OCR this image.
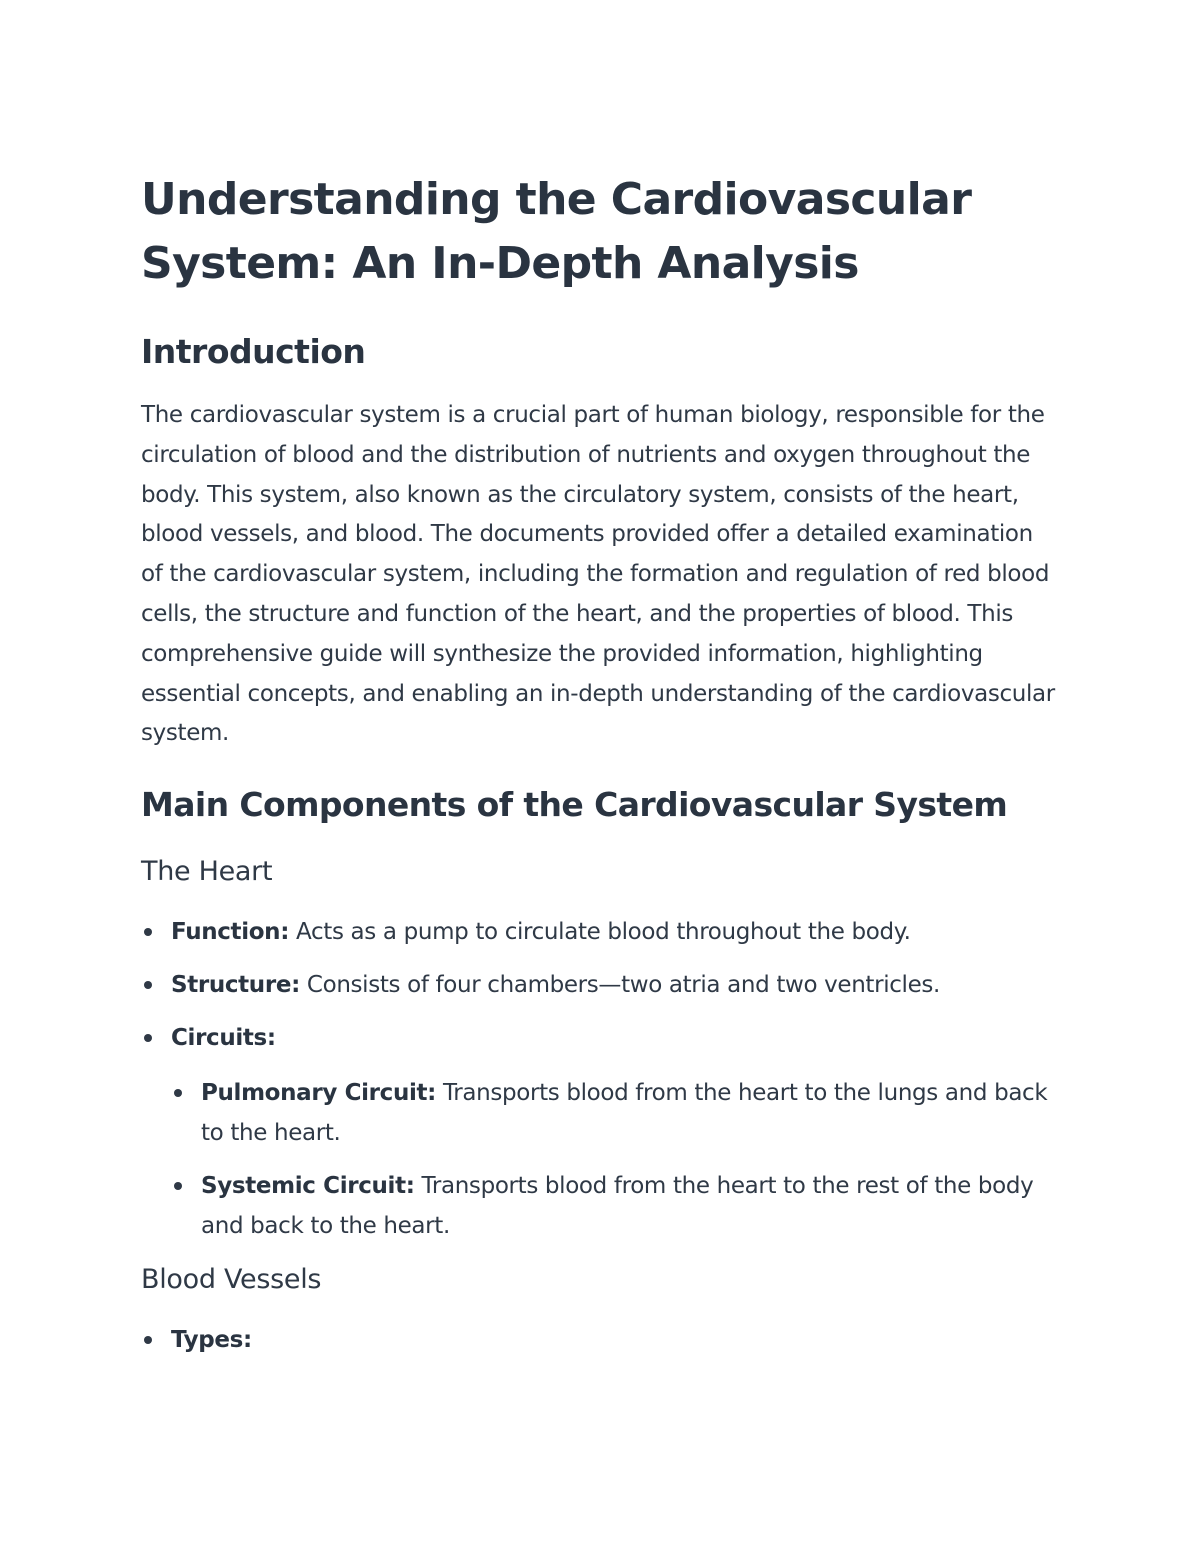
Understanding the Cardiovascular System: An In-Depth Analysis
Introduction

The cardiovascular system is a crucial part of human biology, responsible for the circulation of blood and the distribution of nutrients and oxygen throughout the body. This system, also known as the circulatory system, consists of the heart, blood vessels, and blood. The documents provided offer a detailed examination of the cardiovascular system, including the formation and regulation of red blood cells, the structure and function of the heart, and the properties of blood. This comprehensive guide will synthesize the provided information, highlighting essential concepts, and enabling an in-depth understanding of the cardiovascular system.

Main Components of the Cardiovascular System
The Heart
Function: Acts as a pump to circulate blood throughout the body.
Structure: Consists of four chambers—two atria and two ventricles.
Circuits:
Pulmonary Circuit: Transports blood from the heart to the lungs and back to the heart.
Systemic Circuit: Transports blood from the heart to the rest of the body and back to the heart.
Blood Vessels
Types:
